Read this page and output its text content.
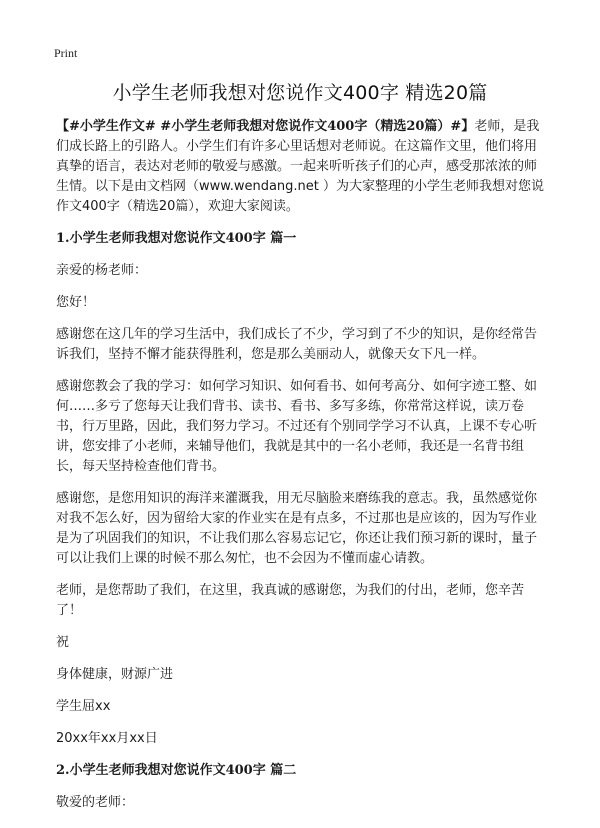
Print
小学生老师我想对您说作文400字 精选20篇

【#小学生作文# #小学生老师我想对您说作文400字（精选20篇）#】老师，是我们成长路上的引路人。小学生们有许多心里话想对老师说。在这篇作文里，他们将用真挚的语言，表达对老师的敬爱与感激。一起来听听孩子们的心声，感受那浓浓的师生情。以下是由文档网（www.wendang.net ）为大家整理的小学生老师我想对您说作文400字（精选20篇），欢迎大家阅读。

1.小学生老师我想对您说作文400字 篇一

亲爱的杨老师：

您好！

感谢您在这几年的学习生活中，我们成长了不少，学习到了不少的知识，是你经常告诉我们，坚持不懈才能获得胜利，您是那么美丽动人，就像天女下凡一样。

感谢您教会了我的学习：如何学习知识、如何看书、如何考高分、如何字迹工整、如何……多亏了您每天让我们背书、读书、看书、多写多练，你常常这样说，读万卷书，行万里路，因此，我们努力学习。不过还有个别同学学习不认真，上课不专心听讲，您安排了小老师，来辅导他们，我就是其中的一名小老师，我还是一名背书组长，每天坚持检查他们背书。

感谢您，是您用知识的海洋来灌溉我，用无尽脑脸来磨练我的意志。我，虽然感觉你对我不怎么好，因为留给大家的作业实在是有点多，不过那也是应该的，因为写作业是为了巩固我们的知识，不让我们那么容易忘记它，你还让我们预习新的课时，量子可以让我们上课的时候不那么匆忙，也不会因为不懂而虚心请教。

老师，是您帮助了我们，在这里，我真诚的感谢您，为我们的付出，老师，您辛苦了！

祝

身体健康，财源广进

学生屈xx

20xx年xx月xx日

2.小学生老师我想对您说作文400字 篇二

敬爱的老师：
